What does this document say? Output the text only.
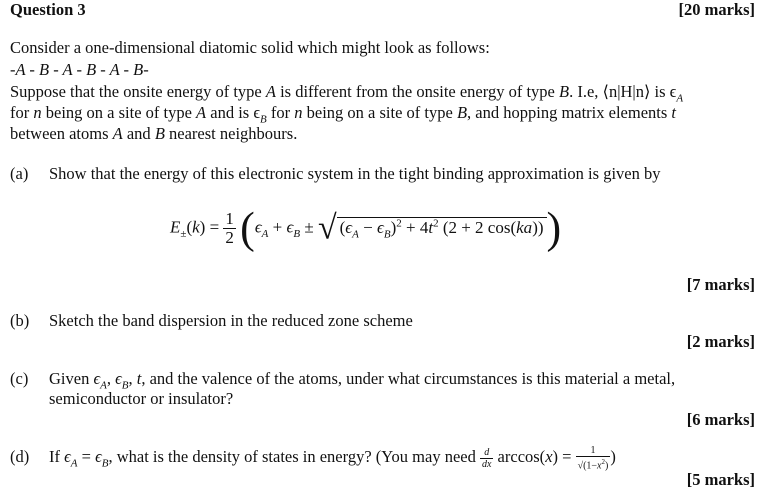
Question 3	[20 marks]
Consider a one-dimensional diatomic solid which might look as follows:
-A - B - A - B - A - B-
Suppose that the onsite energy of type A is different from the onsite energy of type B. I.e, ⟨n|H|n⟩ is $\epsilon_A$
for n being on a site of type A and is $\epsilon_B$ for n being on a site of type B, and hopping matrix elements t
between atoms A and B nearest neighbours.
(a) Show that the energy of this electronic system in the tight binding approximation is given by
$E_\pm(k) = \frac{1}{2} (\epsilon_A + \epsilon_B$ ± √ $(\epsilon_A - \epsilon_B)^2 + 4t^2$ (2 + 2 cos(ka)))
[7 marks]
(b) Sketch the band dispersion in the reduced zone scheme
[2 marks]
(c) Given $\epsilon_A$, $\epsilon_B$, t, and the valence of the atoms, under what circumstances is this material a metal,
semiconductor or insulator?
[6 marks]
(d) If $\epsilon_A = \epsilon_B$, what is the density of states in energy? (You may need $\frac{d}{dx} \arccos(x) = \frac{1}{√(1-x^2)}$ )
[5 marks]
